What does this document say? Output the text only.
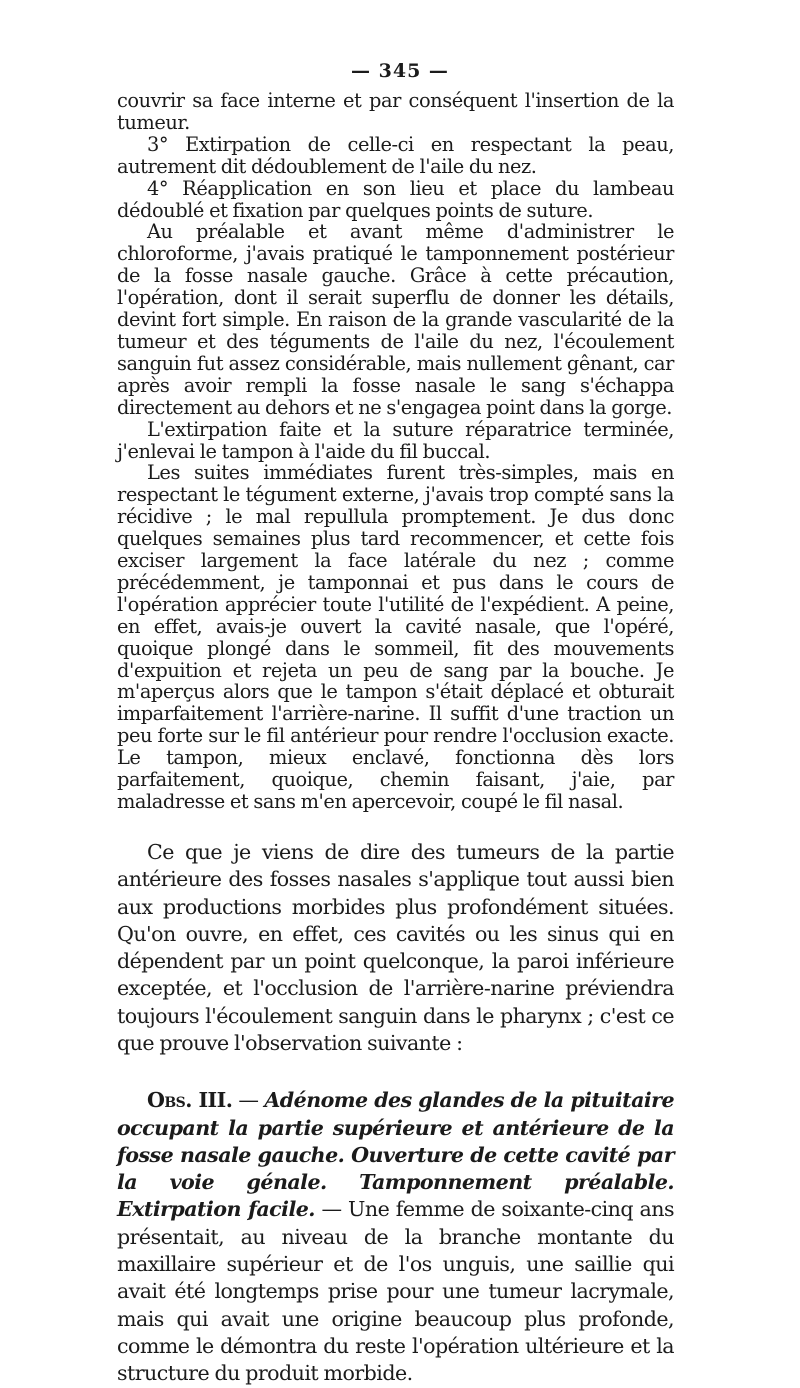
— 345 —

couvrir sa face interne et par conséquent l'insertion de la tumeur.

3° Extirpation de celle-ci en respectant la peau, autrement dit dédoublement de l'aile du nez.

4° Réapplication en son lieu et place du lambeau dédoublé et fixation par quelques points de suture.

Au préalable et avant même d'administrer le chloroforme, j'avais pratiqué le tamponnement postérieur de la fosse nasale gauche. Grâce à cette précaution, l'opération, dont il serait superflu de donner les détails, devint fort simple. En raison de la grande vascularité de la tumeur et des téguments de l'aile du nez, l'écoulement sanguin fut assez considérable, mais nullement gênant, car après avoir rempli la fosse nasale le sang s'échappa directement au dehors et ne s'engagea point dans la gorge.

L'extirpation faite et la suture réparatrice terminée, j'enlevai le tampon à l'aide du fil buccal.

Les suites immédiates furent très-simples, mais en respectant le tégument externe, j'avais trop compté sans la récidive ; le mal repullula promptement. Je dus donc quelques semaines plus tard recommencer, et cette fois exciser largement la face latérale du nez ; comme précédemment, je tamponnai et pus dans le cours de l'opération apprécier toute l'utilité de l'expédient. A peine, en effet, avais-je ouvert la cavité nasale, que l'opéré, quoique plongé dans le sommeil, fit des mouvements d'expuition et rejeta un peu de sang par la bouche. Je m'aperçus alors que le tampon s'était déplacé et obturait imparfaitement l'arrière-narine. Il suffit d'une traction un peu forte sur le fil antérieur pour rendre l'occlusion exacte. Le tampon, mieux enclavé, fonctionna dès lors parfaitement, quoique, chemin faisant, j'aie, par maladresse et sans m'en apercevoir, coupé le fil nasal.

Ce que je viens de dire des tumeurs de la partie antérieure des fosses nasales s'applique tout aussi bien aux productions morbides plus profondément situées. Qu'on ouvre, en effet, ces cavités ou les sinus qui en dépendent par un point quelconque, la paroi inférieure exceptée, et l'occlusion de l'arrière-narine préviendra toujours l'écoulement sanguin dans le pharynx ; c'est ce que prouve l'observation suivante :

Obs. III. — Adénome des glandes de la pituitaire occupant la partie supérieure et antérieure de la fosse nasale gauche. Ouverture de cette cavité par la voie génale. Tamponnement préalable. Extirpation facile. — Une femme de soixante-cinq ans présentait, au niveau de la branche montante du maxillaire supérieur et de l'os unguis, une saillie qui avait été longtemps prise pour une tumeur lacrymale, mais qui avait une origine beaucoup plus profonde, comme le démontra du reste l'opération ultérieure et la structure du produit morbide.
